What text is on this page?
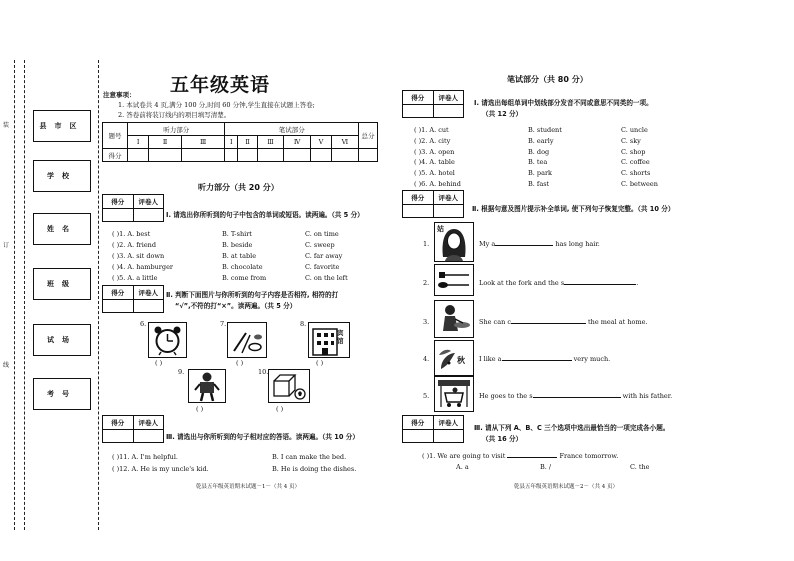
县市区
学校
姓名
班级
试场
考号
装
订
线
五年级英语
注意事项：
1. 本试卷共 4 页,满分 100 分,时间 60 分钟,学生直接在试题上答卷;
2. 答卷前将装订线内的项目填写清楚。
题号	听力部分			笔试部分						总分
	Ⅰ	Ⅱ	Ⅲ	Ⅰ	Ⅱ	Ⅲ	Ⅳ	Ⅴ	Ⅵ	
得分										
听力部分（共 20 分）
得分	评卷人
Ⅰ. 请选出你所听到的句子中包含的单词或短语。读两遍。（共 5 分）
( )1. A. best	B. T-shirt	C. on time
( )2. A. friend	B. beside	C. sweep
( )3. A. sit down	B. at table	C. far away
( )4. A. hamburger	B. chocolate	C. favorite
( )5. A. a little	B. come from	C. on the left
得分	评卷人	Ⅱ. 判断下面图片与你所听到的句子内容是否相符, 相符的打
“√”,不符的打“×”。读两遍。（共 5 分）
6.	7.	8.
宾馆
( )	( )	( )
9.	10.
( )	( )
得分	评卷人
Ⅲ. 请选出与你所听到的句子相对应的答语。读两遍。（共 10 分）
( )11. A. I'm helpful.	B. I can make the bed.
( )12. A. He is my uncle's kid.	B. He is doing the dishes.
乾县五年级英语期末试题－1－（共 4 页）
笔试部分（共 80 分）
得分	评卷人
Ⅰ. 请选出每组单词中划线部分发音不同或意思不同类的一项。
（共 12 分）
( )1. A. cut	B. student	C. uncle
( )2. A. city	B. early	C. sky
( )3. A. open	B. dog	C. shop
( )4. A. table	B. tea	C. coffee
( )5. A. hotel	B. park	C. shorts
( )6. A. behind	B. fast	C. between
得分	评卷人
Ⅱ. 根据句意及图片提示补全单词, 使下列句子恢复完整。（共 10 分）
1.
姑
My a	has long hair.
2.	Look at the fork and the s	.
3.	She can c	the meal at home.
4.	秋 I like a	very much.
5.	He goes to the s	with his father.
得分	评卷人
Ⅲ. 请从下列 A、B、C 三个选项中选出最恰当的一项完成各小题。
（共 16 分）
( )1. We are going to visit	France tomorrow.
A. a	B. /	C. the
乾县五年级英语期末试题－2－（共 4 页）
